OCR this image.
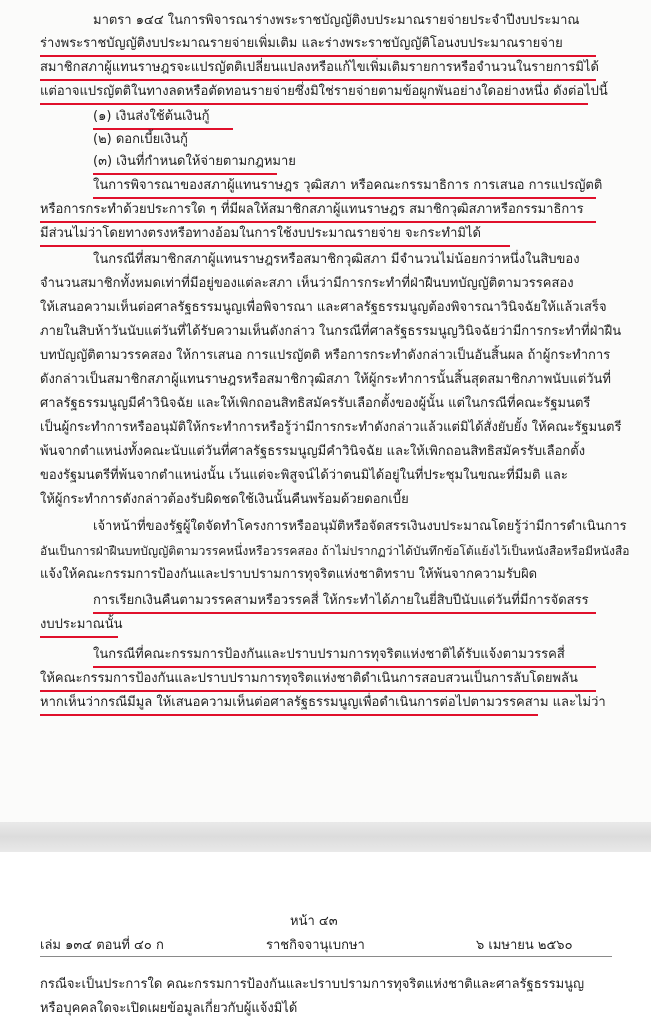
มาตรา ๑๔๔ ในการพิจารณาร่างพระราชบัญญัติงบประมาณรายจ่ายประจำปีงบประมาณ
ร่างพระราชบัญญัติงบประมาณรายจ่ายเพิ่มเติม และร่างพระราชบัญญัติโอนงบประมาณรายจ่าย
สมาชิกสภาผู้แทนราษฎรจะแปรญัตติเปลี่ยนแปลงหรือแก้ไขเพิ่มเติมรายการหรือจำนวนในรายการมิได้
แต่อาจแปรญัตติในทางลดหรือตัดทอนรายจ่ายซึ่งมิใช่รายจ่ายตามข้อผูกพันอย่างใดอย่างหนึ่ง ดังต่อไปนี้
(๑) เงินส่งใช้ต้นเงินกู้
(๒) ดอกเบี้ยเงินกู้
(๓) เงินที่กำหนดให้จ่ายตามกฎหมาย
ในการพิจารณาของสภาผู้แทนราษฎร วุฒิสภา หรือคณะกรรมาธิการ การเสนอ การแปรญัตติ
หรือการกระทำด้วยประการใด ๆ ที่มีผลให้สมาชิกสภาผู้แทนราษฎร สมาชิกวุฒิสภาหรือกรรมาธิการ
มีส่วนไม่ว่าโดยทางตรงหรือทางอ้อมในการใช้งบประมาณรายจ่าย จะกระทำมิได้
ในกรณีที่สมาชิกสภาผู้แทนราษฎรหรือสมาชิกวุฒิสภา มีจำนวนไม่น้อยกว่าหนึ่งในสิบของ
จำนวนสมาชิกทั้งหมดเท่าที่มีอยู่ของแต่ละสภา เห็นว่ามีการกระทำที่ฝ่าฝืนบทบัญญัติตามวรรคสอง
ให้เสนอความเห็นต่อศาลรัฐธรรมนูญเพื่อพิจารณา และศาลรัฐธรรมนูญต้องพิจารณาวินิจฉัยให้แล้วเสร็จ
ภายในสิบห้าวันนับแต่วันที่ได้รับความเห็นดังกล่าว ในกรณีที่ศาลรัฐธรรมนูญวินิจฉัยว่ามีการกระทำที่ฝ่าฝืน
บทบัญญัติตามวรรคสอง ให้การเสนอ การแปรญัตติ หรือการกระทำดังกล่าวเป็นอันสิ้นผล ถ้าผู้กระทำการ
ดังกล่าวเป็นสมาชิกสภาผู้แทนราษฎรหรือสมาชิกวุฒิสภา ให้ผู้กระทำการนั้นสิ้นสุดสมาชิกภาพนับแต่วันที่
ศาลรัฐธรรมนูญมีคำวินิจฉัย และให้เพิกถอนสิทธิสมัครรับเลือกตั้งของผู้นั้น แต่ในกรณีที่คณะรัฐมนตรี
เป็นผู้กระทำการหรืออนุมัติให้กระทำการหรือรู้ว่ามีการกระทำดังกล่าวแล้วแต่มิได้สั่งยับยั้ง ให้คณะรัฐมนตรี
พ้นจากตำแหน่งทั้งคณะนับแต่วันที่ศาลรัฐธรรมนูญมีคำวินิจฉัย และให้เพิกถอนสิทธิสมัครรับเลือกตั้ง
ของรัฐมนตรีที่พ้นจากตำแหน่งนั้น เว้นแต่จะพิสูจน์ได้ว่าตนมิได้อยู่ในที่ประชุมในขณะที่มีมติ และ
ให้ผู้กระทำการดังกล่าวต้องรับผิดชดใช้เงินนั้นคืนพร้อมด้วยดอกเบี้ย
เจ้าหน้าที่ของรัฐผู้ใดจัดทำโครงการหรืออนุมัติหรือจัดสรรเงินงบประมาณโดยรู้ว่ามีการดำเนินการ
อันเป็นการฝ่าฝืนบทบัญญัติตามวรรคหนึ่งหรือวรรคสอง ถ้าไม่ปรากฏว่าได้บันทึกข้อโต้แย้งไว้เป็นหนังสือหรือมีหนังสือ
แจ้งให้คณะกรรมการป้องกันและปราบปรามการทุจริตแห่งชาติทราบ ให้พ้นจากความรับผิด
การเรียกเงินคืนตามวรรคสามหรือวรรคสี่ ให้กระทำได้ภายในยี่สิบปีนับแต่วันที่มีการจัดสรร
งบประมาณนั้น
ในกรณีที่คณะกรรมการป้องกันและปราบปรามการทุจริตแห่งชาติได้รับแจ้งตามวรรคสี่
ให้คณะกรรมการป้องกันและปราบปรามการทุจริตแห่งชาติดำเนินการสอบสวนเป็นการลับโดยพลัน
หากเห็นว่ากรณีมีมูล ให้เสนอความเห็นต่อศาลรัฐธรรมนูญเพื่อดำเนินการต่อไปตามวรรคสาม และไม่ว่า
หน้า ๔๓
เล่ม ๑๓๔ ตอนที่ ๔๐ ก	ราชกิจจานุเบกษา	๖ เมษายน ๒๕๖๐
กรณีจะเป็นประการใด คณะกรรมการป้องกันและปราบปรามการทุจริตแห่งชาติและศาลรัฐธรรมนูญ
หรือบุคคลใดจะเปิดเผยข้อมูลเกี่ยวกับผู้แจ้งมิได้
